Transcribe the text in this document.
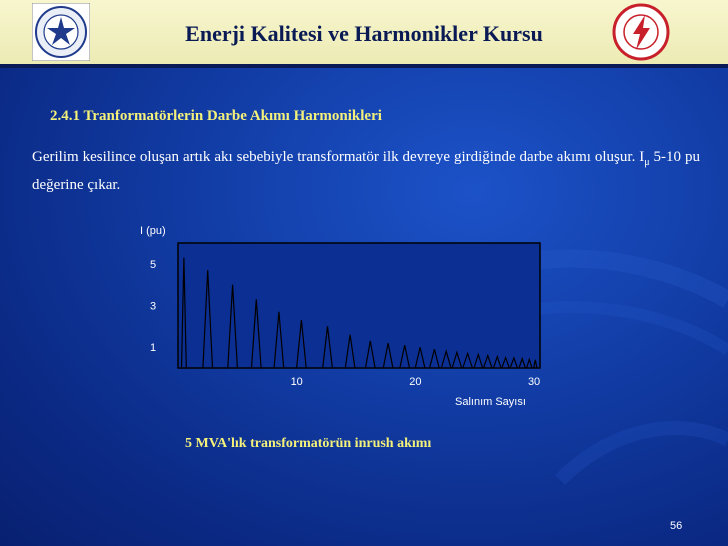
Enerji Kalitesi ve Harmonikler Kursu
2.4.1 Tranformatörlerin Darbe Akımı Harmonikleri
Gerilim kesilince oluşan artık akı sebebiyle transformatör ilk devreye girdiğinde darbe akımı oluşur. $I_\mu$ 5-10 pu değerine çıkar.
I (pu)
Salınım Sayısı
1
3
5
10	20	30
5 MVA'lık transformatörün inrush akımı
56
